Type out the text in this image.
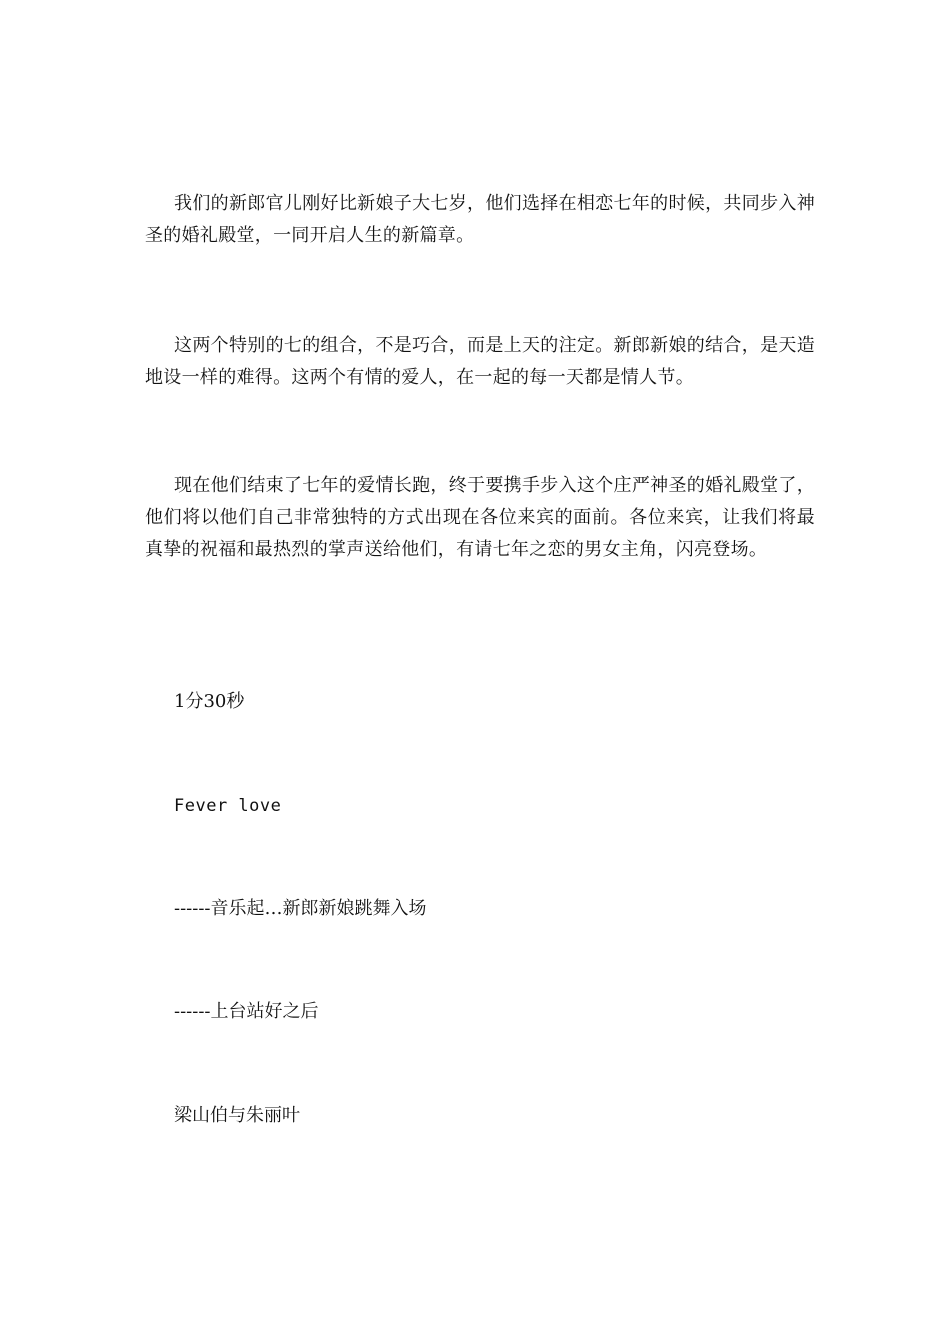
我们的新郎官儿刚好比新娘子大七岁，他们选择在相恋七年的时候，共同步入神圣的婚礼殿堂，一同开启人生的新篇章。

这两个特别的七的组合，不是巧合，而是上天的注定。新郎新娘的结合，是天造地设一样的难得。这两个有情的爱人，在一起的每一天都是情人节。

现在他们结束了七年的爱情长跑，终于要携手步入这个庄严神圣的婚礼殿堂了，他们将以他们自己非常独特的方式出现在各位来宾的面前。各位来宾，让我们将最真挚的祝福和最热烈的掌声送给他们，有请七年之恋的男女主角，闪亮登场。

1分30秒

Fever love

------音乐起…新郎新娘跳舞入场

------上台站好之后

梁山伯与朱丽叶
